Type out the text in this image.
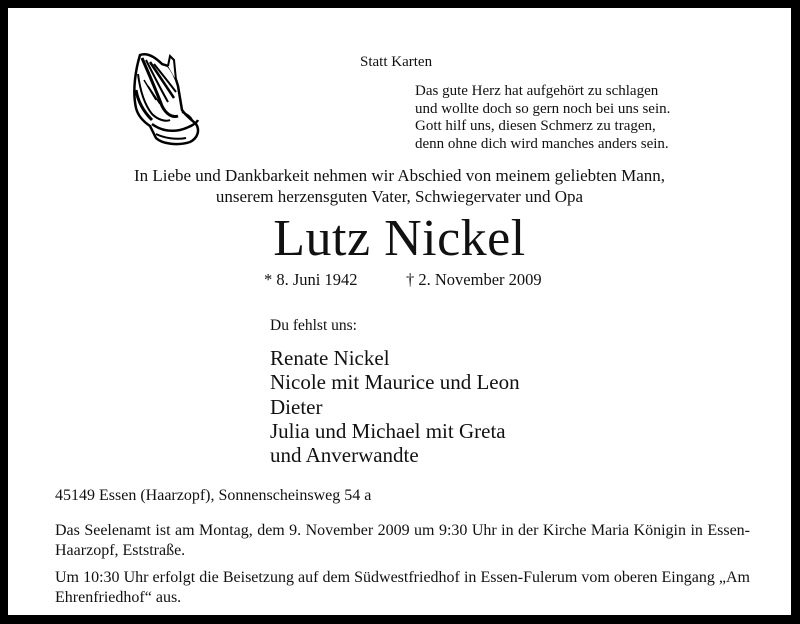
Statt Karten
Das gute Herz hat aufgehört zu schlagen
und wollte doch so gern noch bei uns sein.
Gott hilf uns, diesen Schmerz zu tragen,
denn ohne dich wird manches anders sein.
In Liebe und Dankbarkeit nehmen wir Abschied von meinem geliebten Mann,
unserem herzensguten Vater, Schwiegervater und Opa
Lutz Nickel
* 8. Juni 1942	† 2. November 2009
Du fehlst uns:
Renate Nickel
Nicole mit Maurice und Leon
Dieter
Julia und Michael mit Greta
und Anverwandte
45149 Essen (Haarzopf), Sonnenscheinsweg 54 a
Das Seelenamt ist am Montag, dem 9. November 2009 um 9:30 Uhr in der Kirche Maria Königin in Essen-Haarzopf, Eststraße.
Um 10:30 Uhr erfolgt die Beisetzung auf dem Südwestfriedhof in Essen-Fulerum vom oberen Eingang „Am Ehrenfriedhof“ aus.
